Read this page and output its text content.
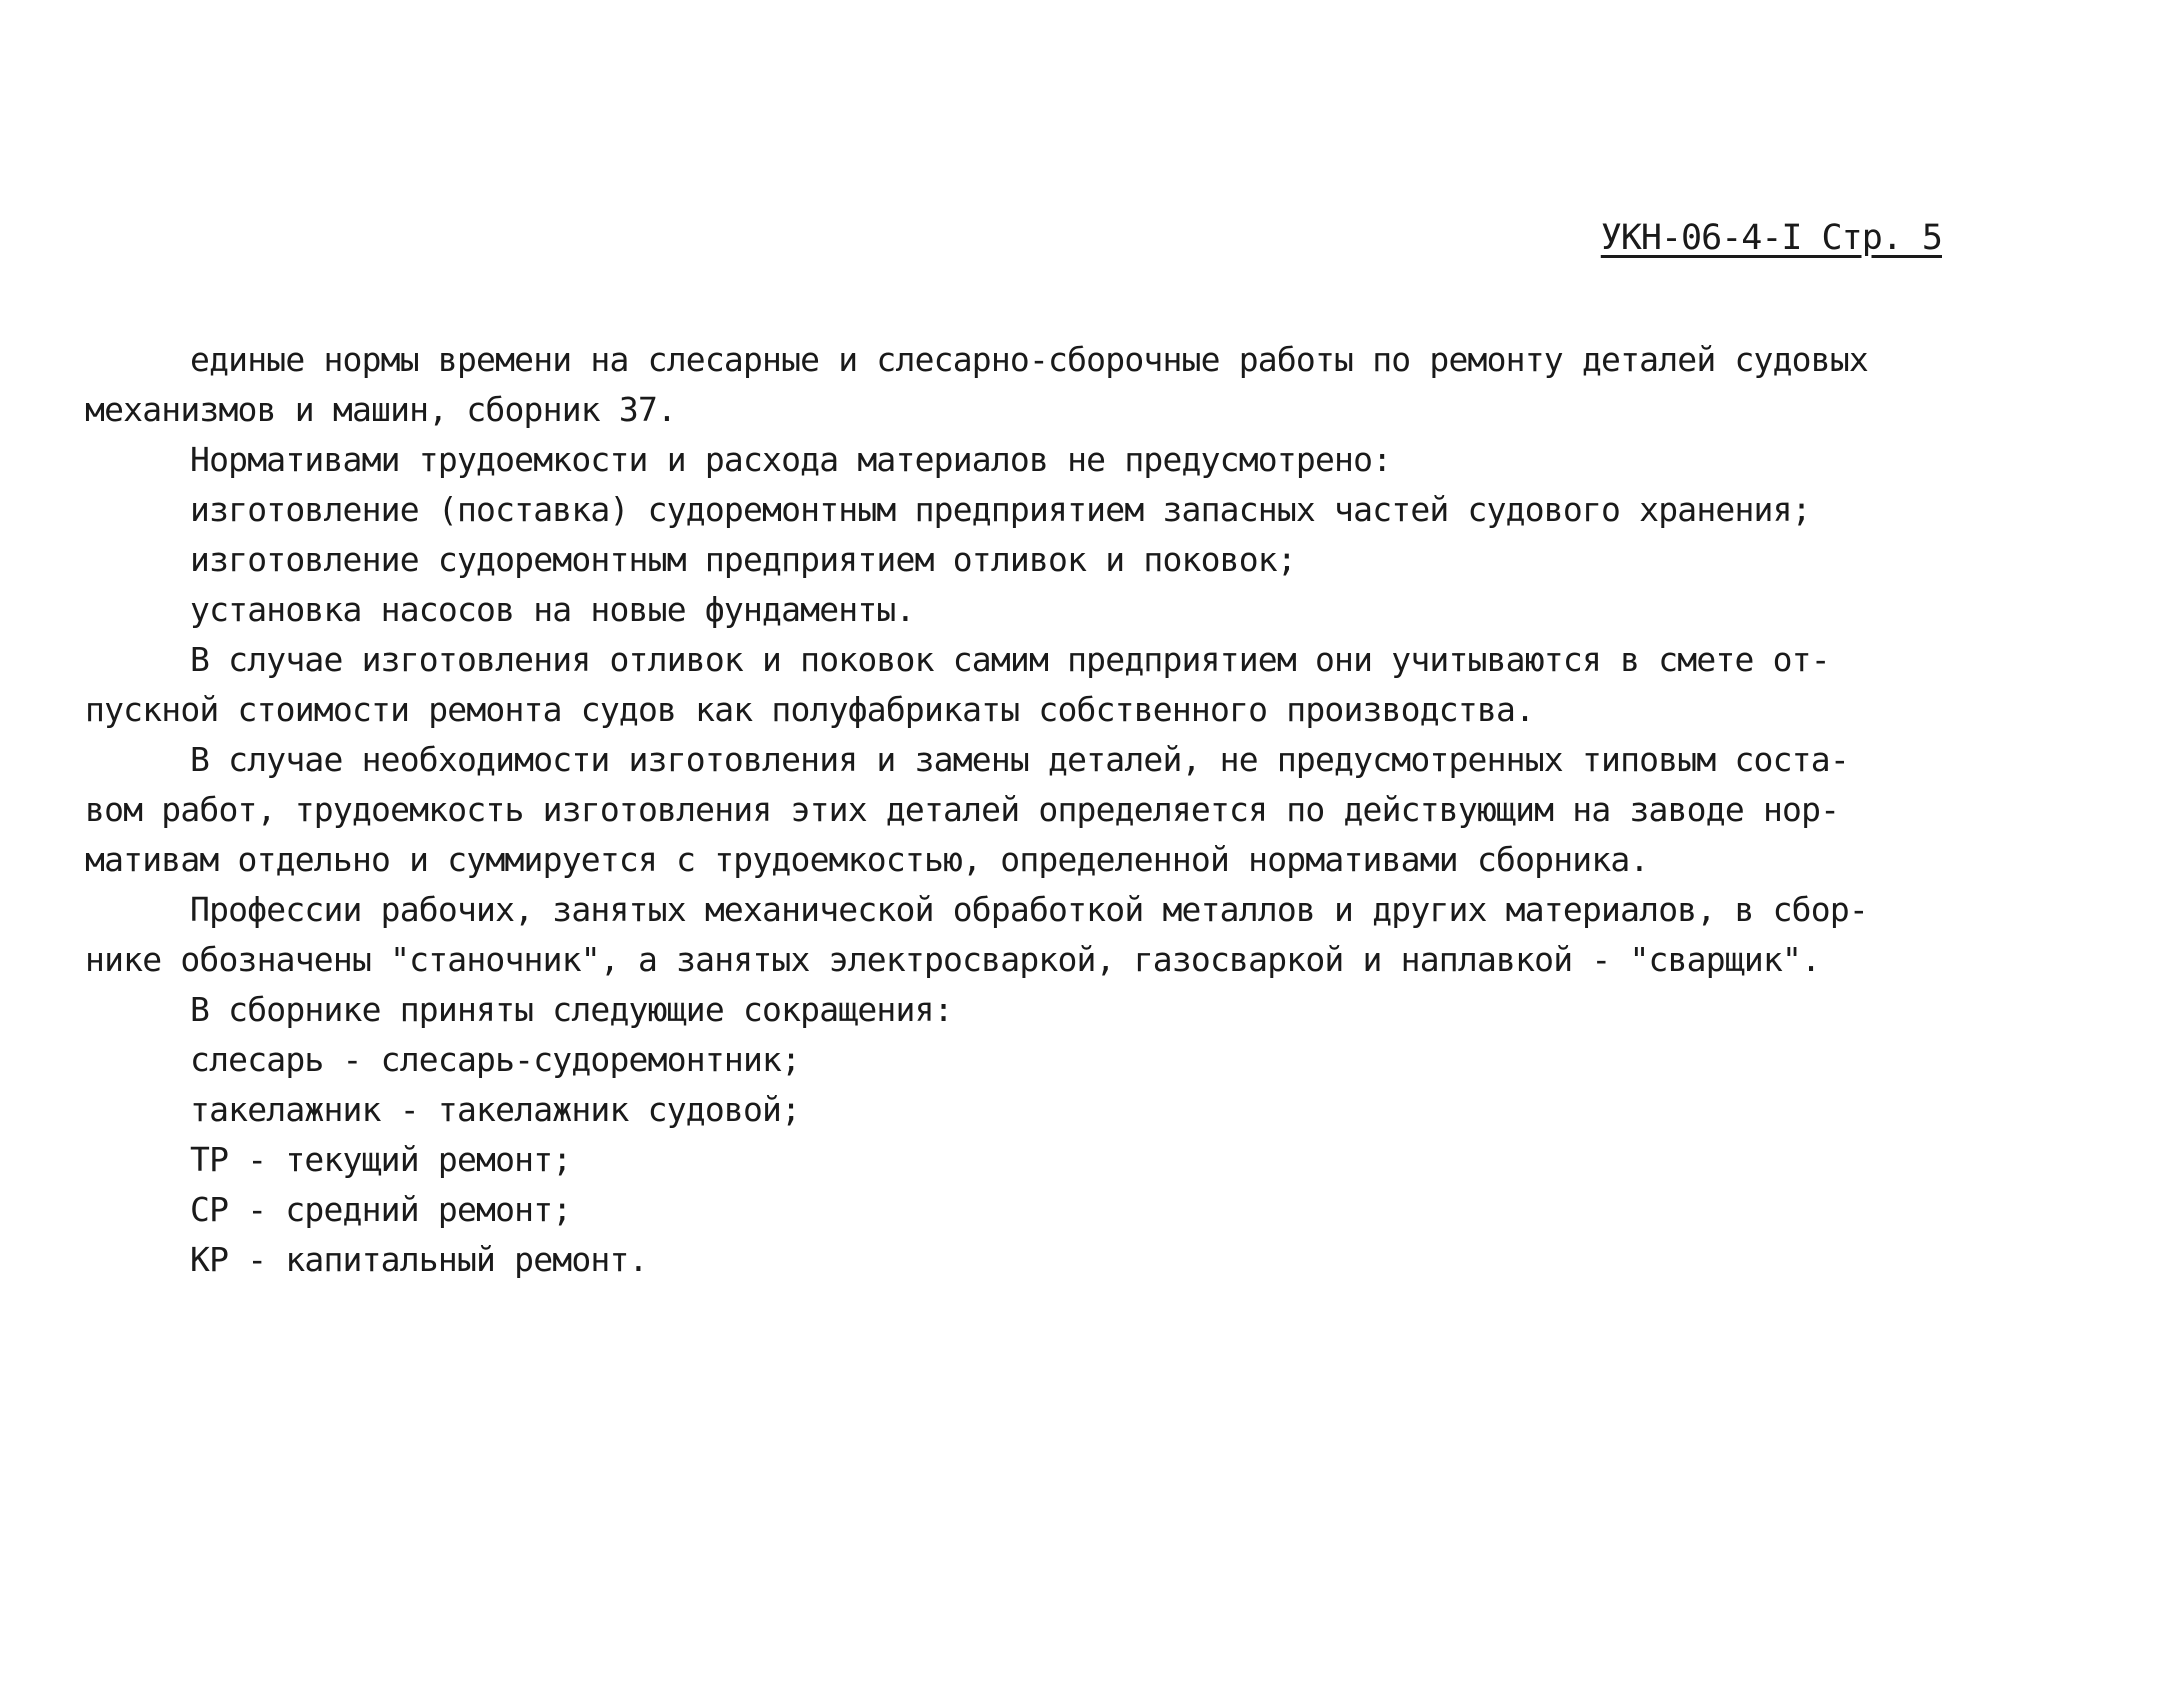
УКН-06-4-I Стр. 5
единые нормы времени на слесарные и слесарно-сборочные работы по ремонту деталей судовых
механизмов и машин, сборник 37.
Нормативами трудоемкости и расхода материалов не предусмотрено:
изготовление (поставка) судоремонтным предприятием запасных частей судового хранения;
изготовление судоремонтным предприятием отливок и поковок;
установка насосов на новые фундаменты.
В случае изготовления отливок и поковок самим предприятием они учитываются в смете от-
пускной стоимости ремонта судов как полуфабрикаты собственного производства.
В случае необходимости изготовления и замены деталей, не предусмотренных типовым соста-
вом работ, трудоемкость изготовления этих деталей определяется по действующим на заводе нор-
мативам отдельно и суммируется с трудоемкостью, определенной нормативами сборника.
Профессии рабочих, занятых механической обработкой металлов и других материалов, в сбор-
нике обозначены "станочник", а занятых электросваркой, газосваркой и наплавкой - "сварщик".
В сборнике приняты следующие сокращения:
слесарь - слесарь-судоремонтник;
такелажник - такелажник судовой;
ТР - текущий ремонт;
СР - средний ремонт;
КР - капитальный ремонт.
